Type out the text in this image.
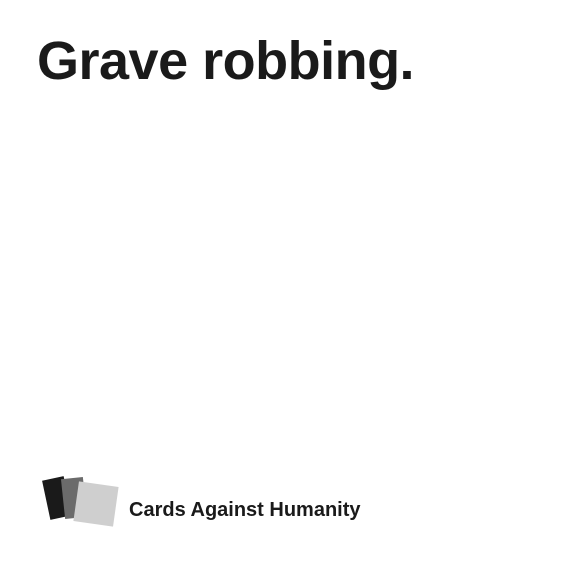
Grave robbing.
Cards Against Humanity
